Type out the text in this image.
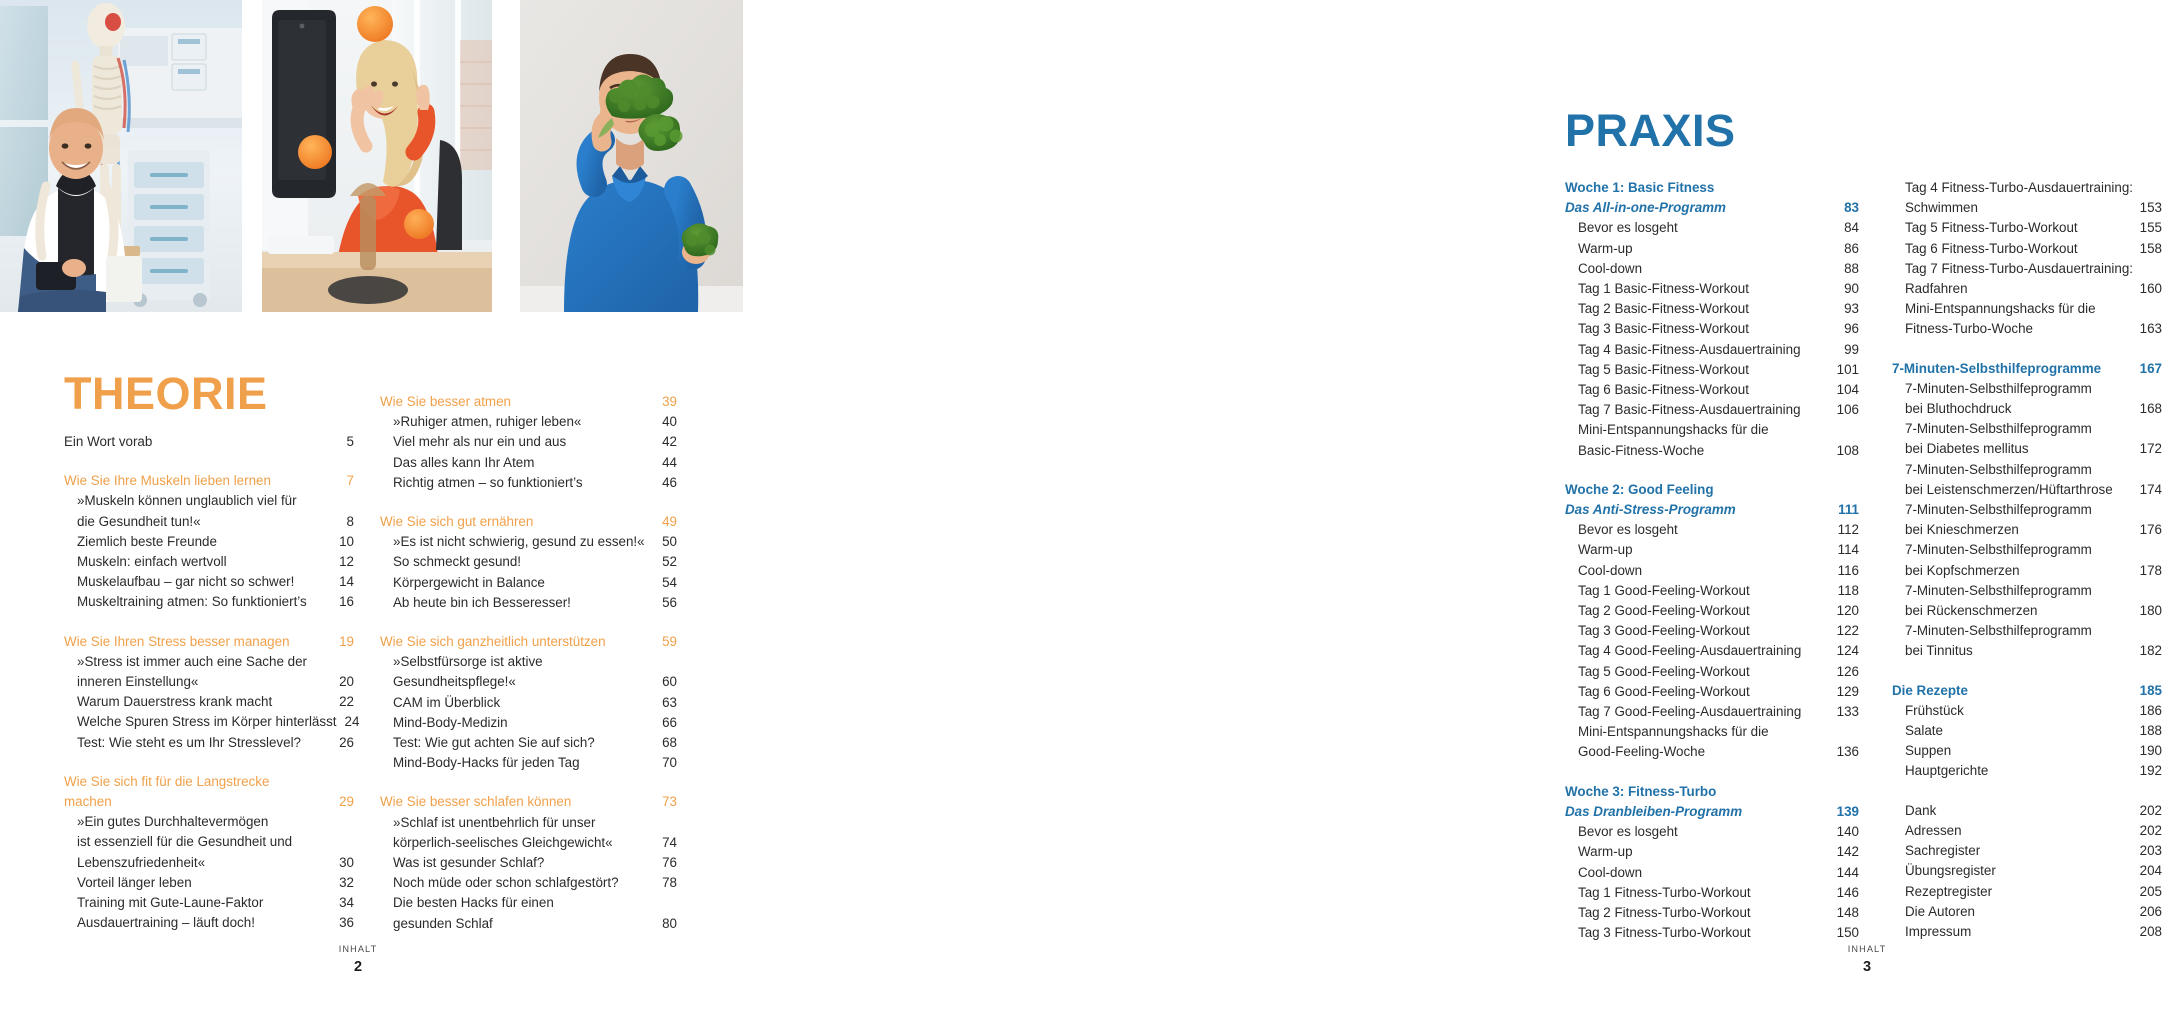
THEORIE
Ein Wort vorab	5
Wie Sie Ihre Muskeln lieben lernen	7
»Muskeln können unglaublich viel für
die Gesundheit tun!«	8
Ziemlich beste Freunde	10
Muskeln: einfach wertvoll	12
Muskelaufbau – gar nicht so schwer!	14
Muskeltraining atmen: So funktioniert’s	16
Wie Sie Ihren Stress besser managen	19
»Stress ist immer auch eine Sache der
inneren Einstellung«	20
Warum Dauerstress krank macht	22
Welche Spuren Stress im Körper hinterlässt 24
Test: Wie steht es um Ihr Stresslevel?	26
Wie Sie sich fit für die Langstrecke
machen	29
»Ein gutes Durchhaltevermögen
ist essenziell für die Gesundheit und
Lebenszufriedenheit«	30
Vorteil länger leben	32
Training mit Gute-Laune-Faktor	34
Ausdauertraining – läuft doch!	36
Wie Sie besser atmen	39
»Ruhiger atmen, ruhiger leben«	40
Viel mehr als nur ein und aus	42
Das alles kann Ihr Atem	44
Richtig atmen – so funktioniert’s	46
Wie Sie sich gut ernähren	49
»Es ist nicht schwierig, gesund zu essen!«	50
So schmeckt gesund!	52
Körpergewicht in Balance	54
Ab heute bin ich Besseresser!	56
Wie Sie sich ganzheitlich unterstützen	59
»Selbstfürsorge ist aktive
Gesundheitspflege!«	60
CAM im Überblick	63
Mind-Body-Medizin	66
Test: Wie gut achten Sie auf sich?	68
Mind-Body-Hacks für jeden Tag	70
Wie Sie besser schlafen können	73
»Schlaf ist unentbehrlich für unser
körperlich-seelisches Gleichgewicht«	74
Was ist gesunder Schlaf?	76
Noch müde oder schon schlafgestört?	78
Die besten Hacks für einen
gesunden Schlaf	80
INHALT
2
PRAXIS
Woche 1: Basic Fitness
Das All-in-one-Programm	83
Bevor es losgeht	84
Warm-up	86
Cool-down	88
Tag 1 Basic-Fitness-Workout	90
Tag 2 Basic-Fitness-Workout	93
Tag 3 Basic-Fitness-Workout	96
Tag 4 Basic-Fitness-Ausdauertraining	99
Tag 5 Basic-Fitness-Workout	101
Tag 6 Basic-Fitness-Workout	104
Tag 7 Basic-Fitness-Ausdauertraining	106
Mini-Entspannungshacks für die
Basic-Fitness-Woche	108
Woche 2: Good Feeling
Das Anti-Stress-Programm	111
Bevor es losgeht	112
Warm-up	114
Cool-down	116
Tag 1 Good-Feeling-Workout	118
Tag 2 Good-Feeling-Workout	120
Tag 3 Good-Feeling-Workout	122
Tag 4 Good-Feeling-Ausdauertraining	124
Tag 5 Good-Feeling-Workout	126
Tag 6 Good-Feeling-Workout	129
Tag 7 Good-Feeling-Ausdauertraining	133
Mini-Entspannungshacks für die
Good-Feeling-Woche	136
Woche 3: Fitness-Turbo
Das Dranbleiben-Programm	139
Bevor es losgeht	140
Warm-up	142
Cool-down	144
Tag 1 Fitness-Turbo-Workout	146
Tag 2 Fitness-Turbo-Workout	148
Tag 3 Fitness-Turbo-Workout	150
Tag 4 Fitness-Turbo-Ausdauertraining:
Schwimmen	153
Tag 5 Fitness-Turbo-Workout	155
Tag 6 Fitness-Turbo-Workout	158
Tag 7 Fitness-Turbo-Ausdauertraining:
Radfahren	160
Mini-Entspannungshacks für die
Fitness-Turbo-Woche	163
7-Minuten-Selbsthilfeprogramme	167
7-Minuten-Selbsthilfeprogramm
bei Bluthochdruck	168
7-Minuten-Selbsthilfeprogramm
bei Diabetes mellitus	172
7-Minuten-Selbsthilfeprogramm
bei Leistenschmerzen/Hüftarthrose	174
7-Minuten-Selbsthilfeprogramm
bei Knieschmerzen	176
7-Minuten-Selbsthilfeprogramm
bei Kopfschmerzen	178
7-Minuten-Selbsthilfeprogramm
bei Rückenschmerzen	180
7-Minuten-Selbsthilfeprogramm
bei Tinnitus	182
Die Rezepte	185
Frühstück	186
Salate	188
Suppen	190
Hauptgerichte	192
Dank	202
Adressen	202
Sachregister	203
Übungsregister	204
Rezeptregister	205
Die Autoren	206
Impressum	208
INHALT
3
